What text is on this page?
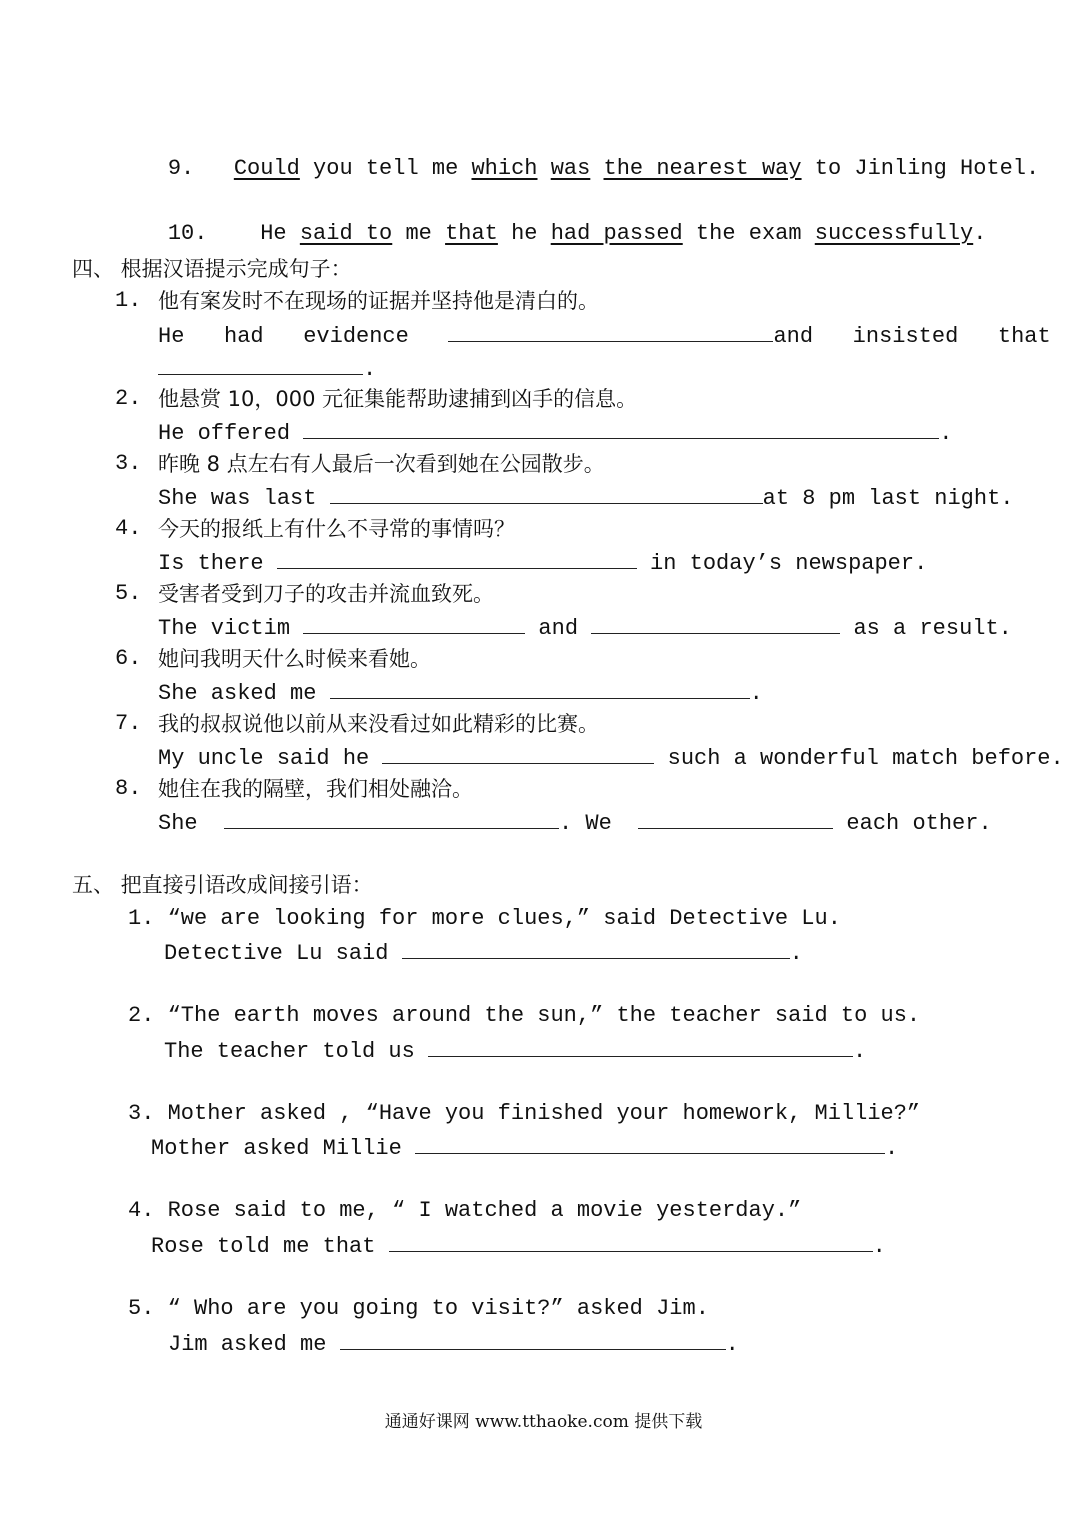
9. Could you tell me which was the nearest way to Jinling Hotel.

10. He said to me that he had passed the exam successfully.

四、 根据汉语提示完成句子：
1. 他有案发时不在现场的证据并坚持他是清白的。
He   had   evidence	and   insisted   that
.
2. 他悬赏 10，000 元征集能帮助逮捕到凶手的信息。
He offered	.
3. 昨晚 8 点左右有人最后一次看到她在公园散步。
She was last	at 8 pm last night.
4. 今天的报纸上有什么不寻常的事情吗？
Is there	in today’s newspaper.
5. 受害者受到刀子的攻击并流血致死。
The victim	and	as a result.
6. 她问我明天什么时候来看她。
She asked me	.
7. 我的叔叔说他以前从来没看过如此精彩的比赛。
My uncle said he	such a wonderful match before.
8. 她住在我的隔壁，我们相处融洽。
She	. We	each other.
五、 把直接引语改成间接引语：
1. “we are looking for more clues,” said Detective Lu.
Detective Lu said	.
2. “The earth moves around the sun,” the teacher said to us.
The teacher told us	.
3. Mother asked , “Have you finished your homework, Millie?”
Mother asked Millie	.
4. Rose said to me, “ I watched a movie yesterday.”
Rose told me that	.
5. “ Who are you going to visit?” asked Jim.
Jim asked me	.
通通好课网 www.tthaoke.com 提供下载
